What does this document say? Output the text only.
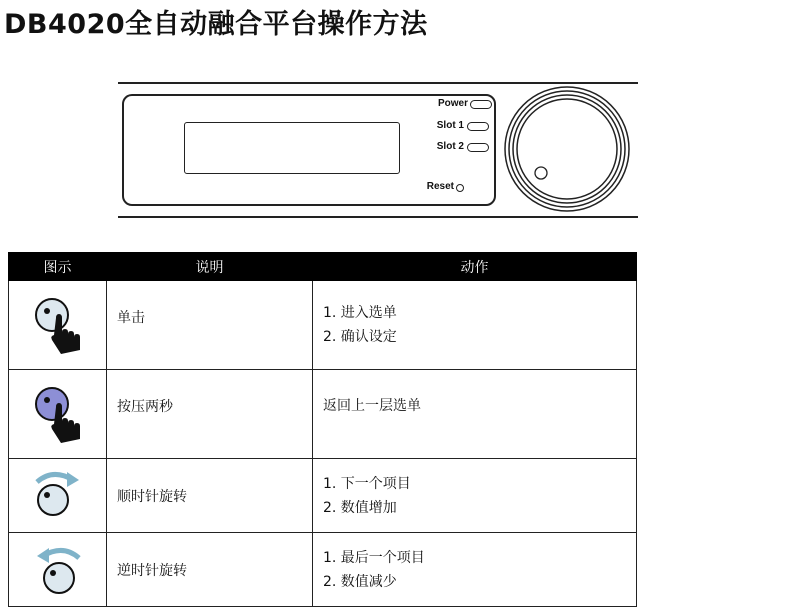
DB4020全自动融合平台操作方法
Power
Slot 1
Slot 2
Reset
图示	说明	动作
	单击	1. 进入选单
2. 确认设定

	按压两秒	返回上一层选单

	顺时针旋转	1. 下一个项目
2. 数值增加

	逆时针旋转	1. 最后一个项目
2. 数值减少
